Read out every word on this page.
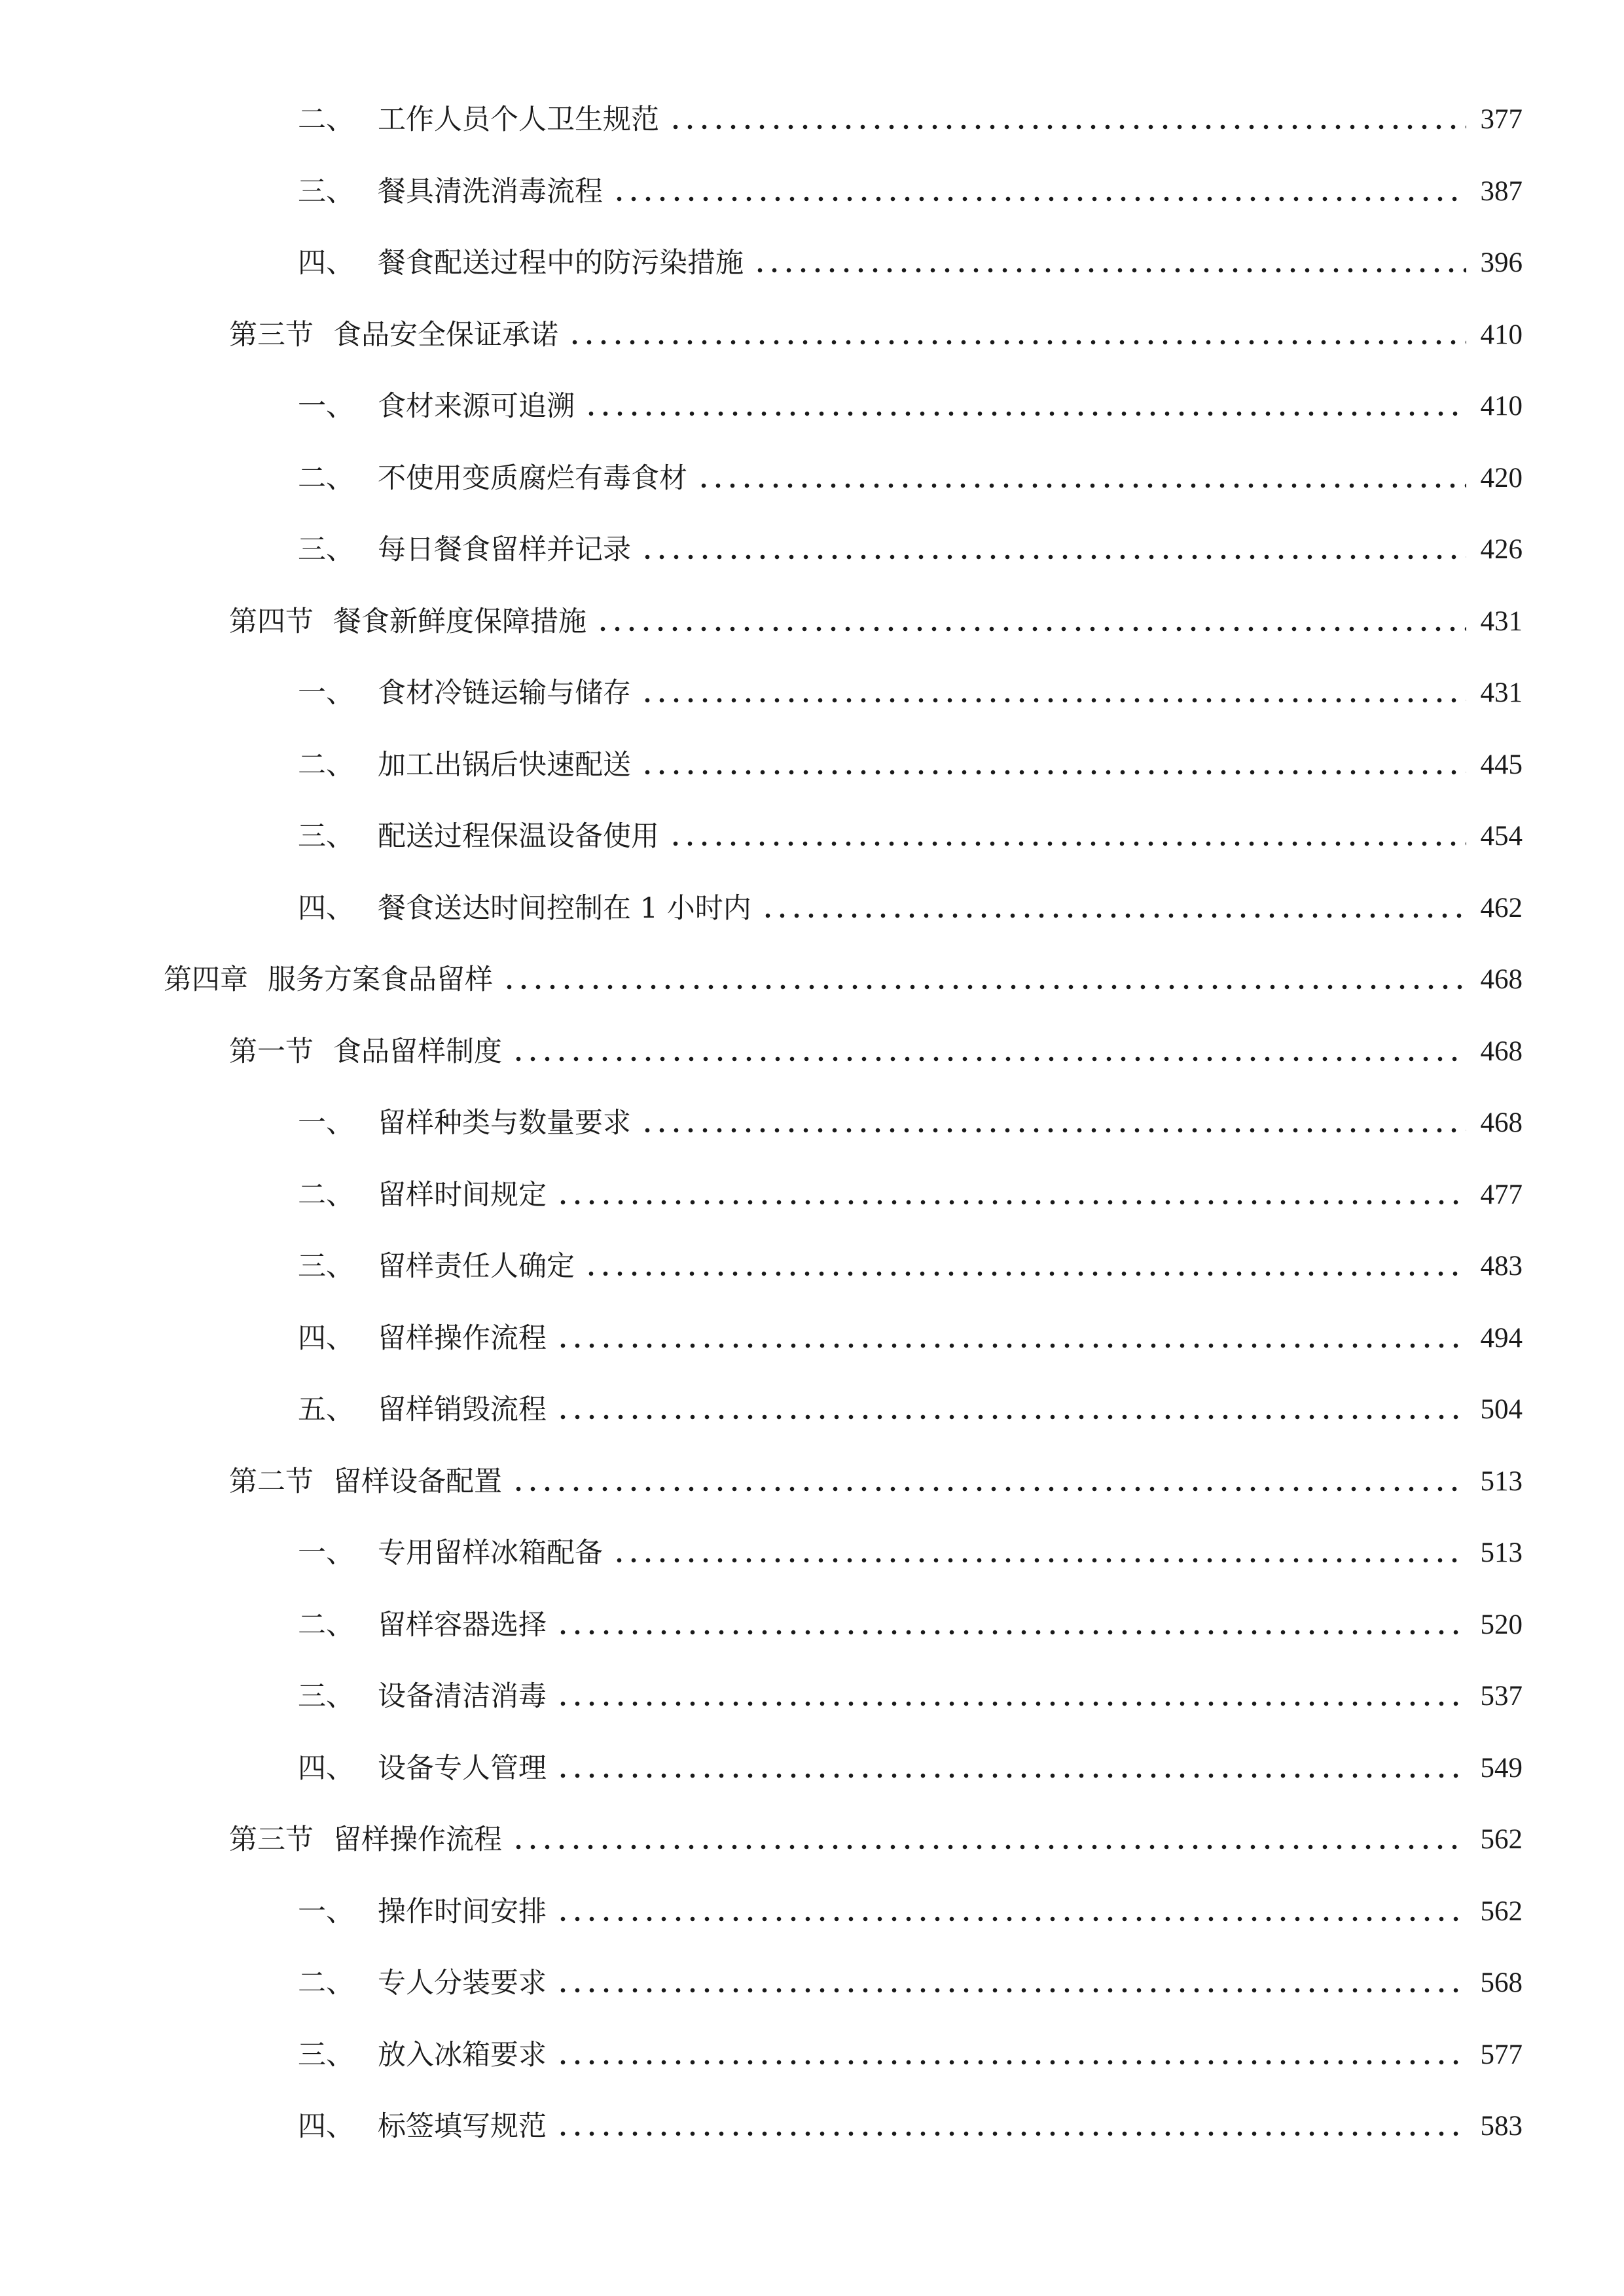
二、 工作人员个人卫生规范	377
三、 餐具清洗消毒流程	387
四、 餐食配送过程中的防污染措施	396
第三节 食品安全保证承诺	410
一、 食材来源可追溯	410
二、 不使用变质腐烂有毒食材	420
三、 每日餐食留样并记录	426
第四节 餐食新鲜度保障措施	431
一、 食材冷链运输与储存	431
二、 加工出锅后快速配送	445
三、 配送过程保温设备使用	454
四、 餐食送达时间控制在 1 小时内	462
第四章 服务方案食品留样	468
第一节 食品留样制度	468
一、 留样种类与数量要求	468
二、 留样时间规定	477
三、 留样责任人确定	483
四、 留样操作流程	494
五、 留样销毁流程	504
第二节 留样设备配置	513
一、 专用留样冰箱配备	513
二、 留样容器选择	520
三、 设备清洁消毒	537
四、 设备专人管理	549
第三节 留样操作流程	562
一、 操作时间安排	562
二、 专人分装要求	568
三、 放入冰箱要求	577
四、 标签填写规范	583
